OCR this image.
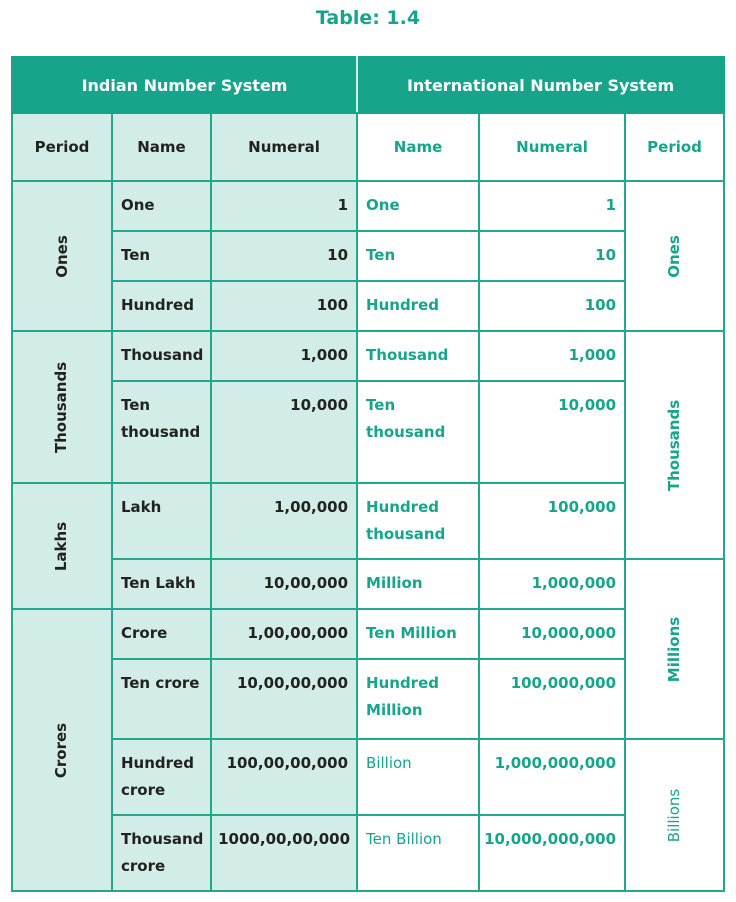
Table: 1.4
Indian Number System			International Number System		
Period	Name	Numeral	Name	Numeral	Period
Ones	One	1	One	1	Ones
	Ten	10	Ten	10	
	Hundred	100	Hundred	100	
Thousands	Thousand	1,000	Thousand	1,000	Thousands
	Ten thousand	10,000	Ten thousand	10,000	
Lakhs	Lakh	1,00,000	Hundred thousand	100,000	
	Ten Lakh	10,00,000	Million	1,000,000	Millions
Crores	Crore	1,00,00,000	Ten Million	10,000,000	
	Ten crore	10,00,00,000	Hundred Million	100,000,000	
	Hundred crore	100,00,00,000	Billion	1,000,000,000	Billions
	Thousand crore	1000,00,00,000	Ten Billion	10,000,000,000	
